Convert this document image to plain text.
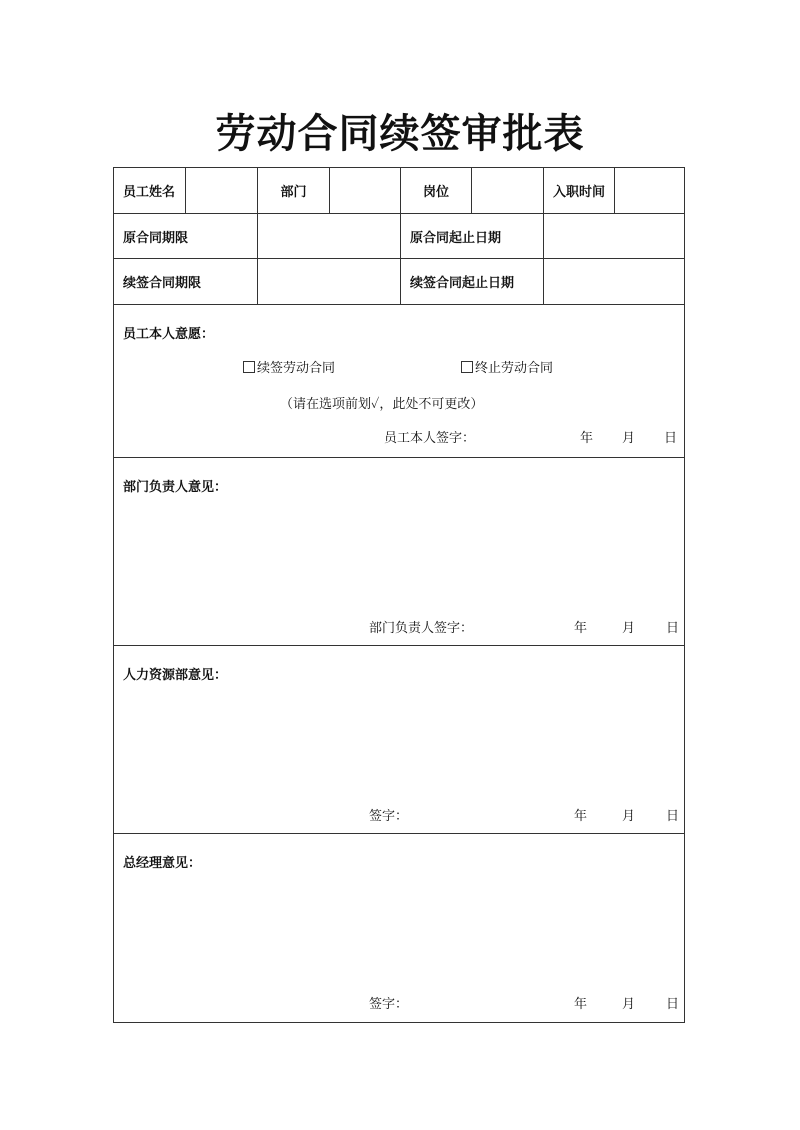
劳动合同续签审批表
员工姓名	部门	岗位	入职时间
原合同期限	原合同起止日期
续签合同期限	续签合同起止日期
员工本人意愿：
续签劳动合同	终止劳动合同
（请在选项前划✓，此处不可更改）
员工本人签字：	年 月 日
部门负责人意见：
部门负责人签字：	年	月 日
人力资源部意见：
签字：	年	月 日
总经理意见：
签字：	年	月 日
